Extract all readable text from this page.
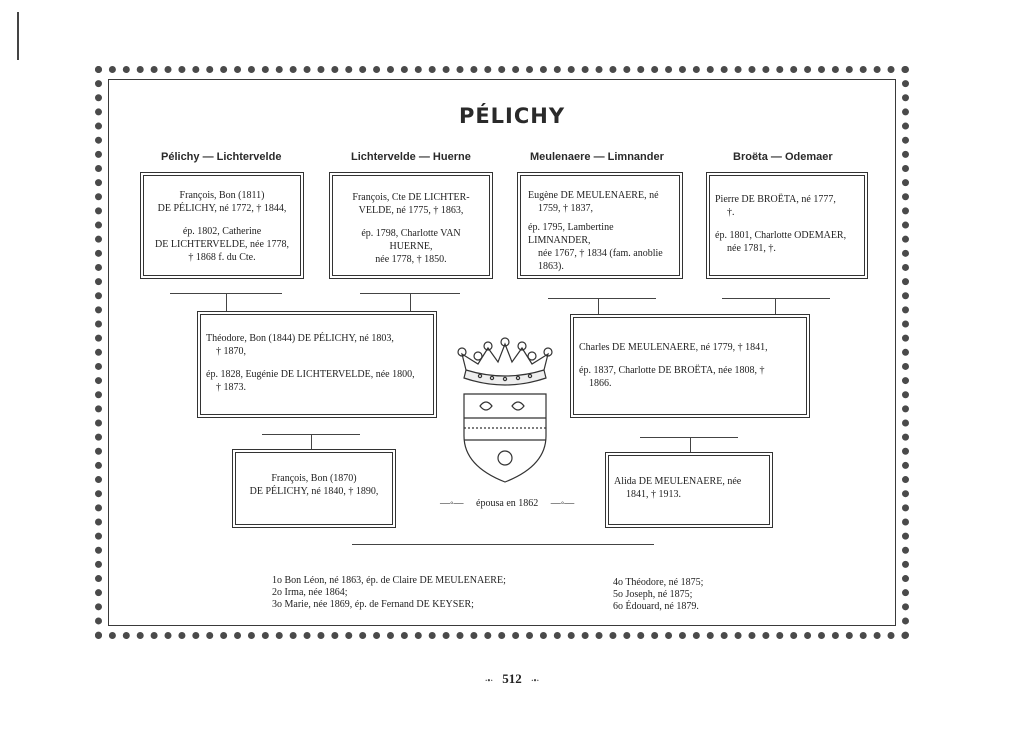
PÉLICHY
Pélichy — Lichtervelde	Lichtervelde — Huerne	Meulenaere — Limnander	Broëta — Odemaer

François, Bon (1811)

DE PÉLICHY, né 1772, † 1844,

ép. 1802, Catherine

DE LICHTERVELDE, née 1778,

† 1868 f. du Cte.

François, Cte DE LICHTER-

VELDE, né 1775, † 1863,

ép. 1798, Charlotte VAN HUERNE,

née 1778, † 1850.

Eugène DE MEULENAERE, né

1759, † 1837,

ép. 1795, Lambertine LIMNANDER,

née 1767, † 1834 (fam. anoblie

1863).

Pierre DE BROËTA, né 1777,

†.

ép. 1801, Charlotte ODEMAER,

née 1781, †.

Théodore, Bon (1844) DE PÉLICHY, né 1803,

† 1870,

ép. 1828, Eugénie DE LICHTERVELDE, née 1800,

† 1873.

Charles DE MEULENAERE, né 1779, † 1841,

ép. 1837, Charlotte DE BROËTA, née 1808, †

1866.

François, Bon (1870)

DE PÉLICHY, né 1840, † 1890,

Alida DE MEULENAERE, née

1841, † 1913.

—◦— épousa en 1862 —◦—
1o Bon Léon, né 1863, ép. de Claire DE MEULENAERE;
2o Irma, née 1864;
3o Marie, née 1869, ép. de Fernand DE KEYSER;
4o Théodore, né 1875;
5o Joseph, né 1875;
6o Édouard, né 1879.
·•· 512 ·•·
